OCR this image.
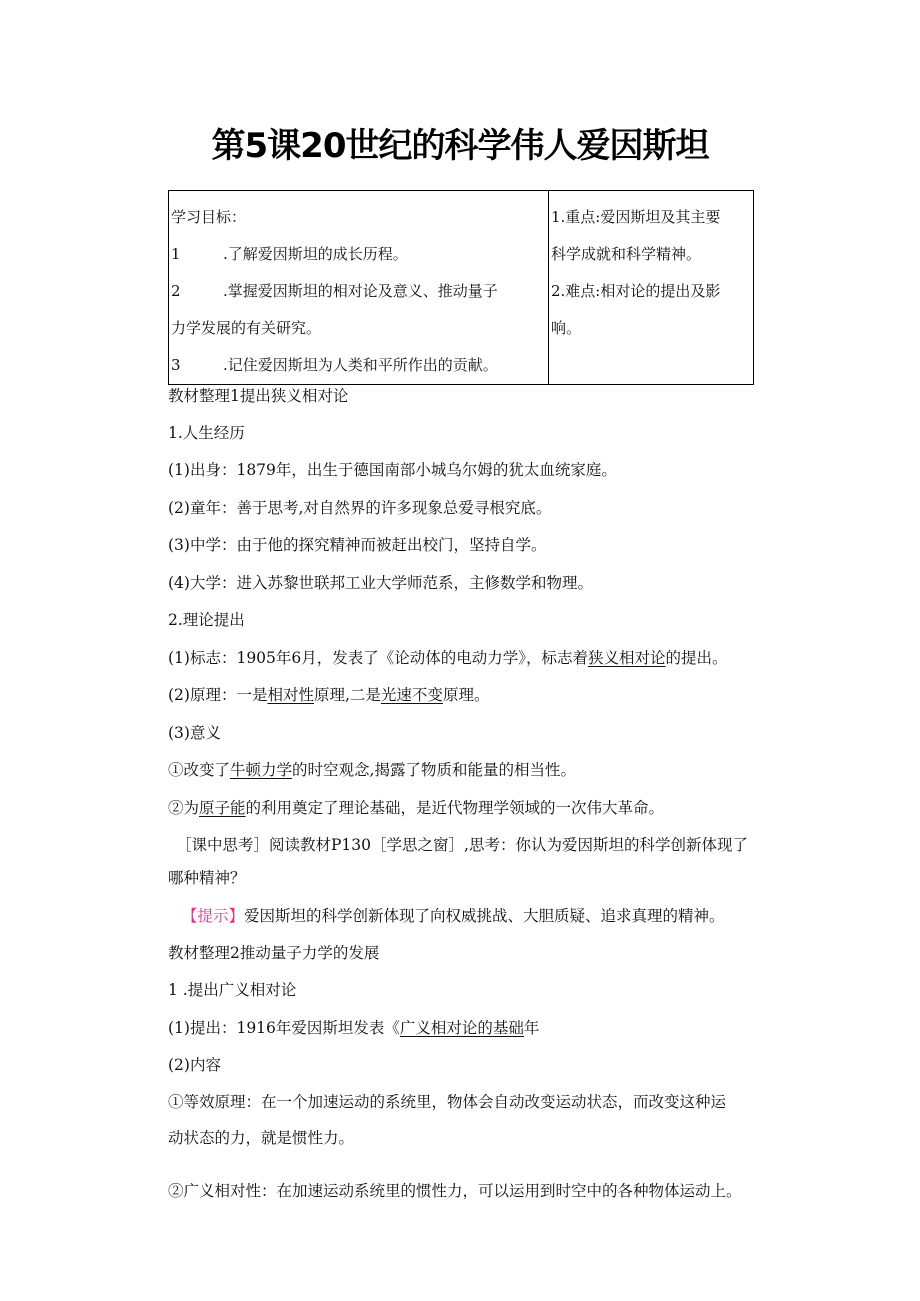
第5课20世纪的科学伟人爱因斯坦
学习目标：
1	.了解爱因斯坦的成长历程。
2	.掌握爱因斯坦的相对论及意义、推动量子
力学发展的有关研究。
3	.记住爱因斯坦为人类和平所作出的贡献。

1.重点:爱因斯坦及其主要
科学成就和科学精神。
2.难点:相对论的提出及影
响。
教材整理1提出狭义相对论
1.人生经历
(1)出身：1879年，出生于德国南部小城乌尔姆的犹太血统家庭。
(2)童年：善于思考,对自然界的许多现象总爱寻根究底。
(3)中学：由于他的探究精神而被赶出校门，坚持自学。
(4)大学：进入苏黎世联邦工业大学师范系，主修数学和物理。
2.理论提出
(1)标志：1905年6月，发表了《论动体的电动力学》，标志着狭义相对论的提出。
(2)原理：一是相对性原理,二是光速不变原理。
(3)意义
①改变了牛顿力学的时空观念,揭露了物质和能量的相当性。
②为原子能的利用奠定了理论基础，是近代物理学领域的一次伟大革命。
［课中思考］阅读教材P130［学思之窗］,思考：你认为爱因斯坦的科学创新体现了
哪种精神？
【提示】爱因斯坦的科学创新体现了向权威挑战、大胆质疑、追求真理的精神。
教材整理2推动量子力学的发展
1 .提出广义相对论
(1)提出：1916年爱因斯坦发表《广义相对论的基础年
(2)内容
①等效原理：在一个加速运动的系统里，物体会自动改变运动状态，而改变这种运
动状态的力，就是惯性力。
②广义相对性：在加速运动系统里的惯性力，可以运用到时空中的各种物体运动上。
